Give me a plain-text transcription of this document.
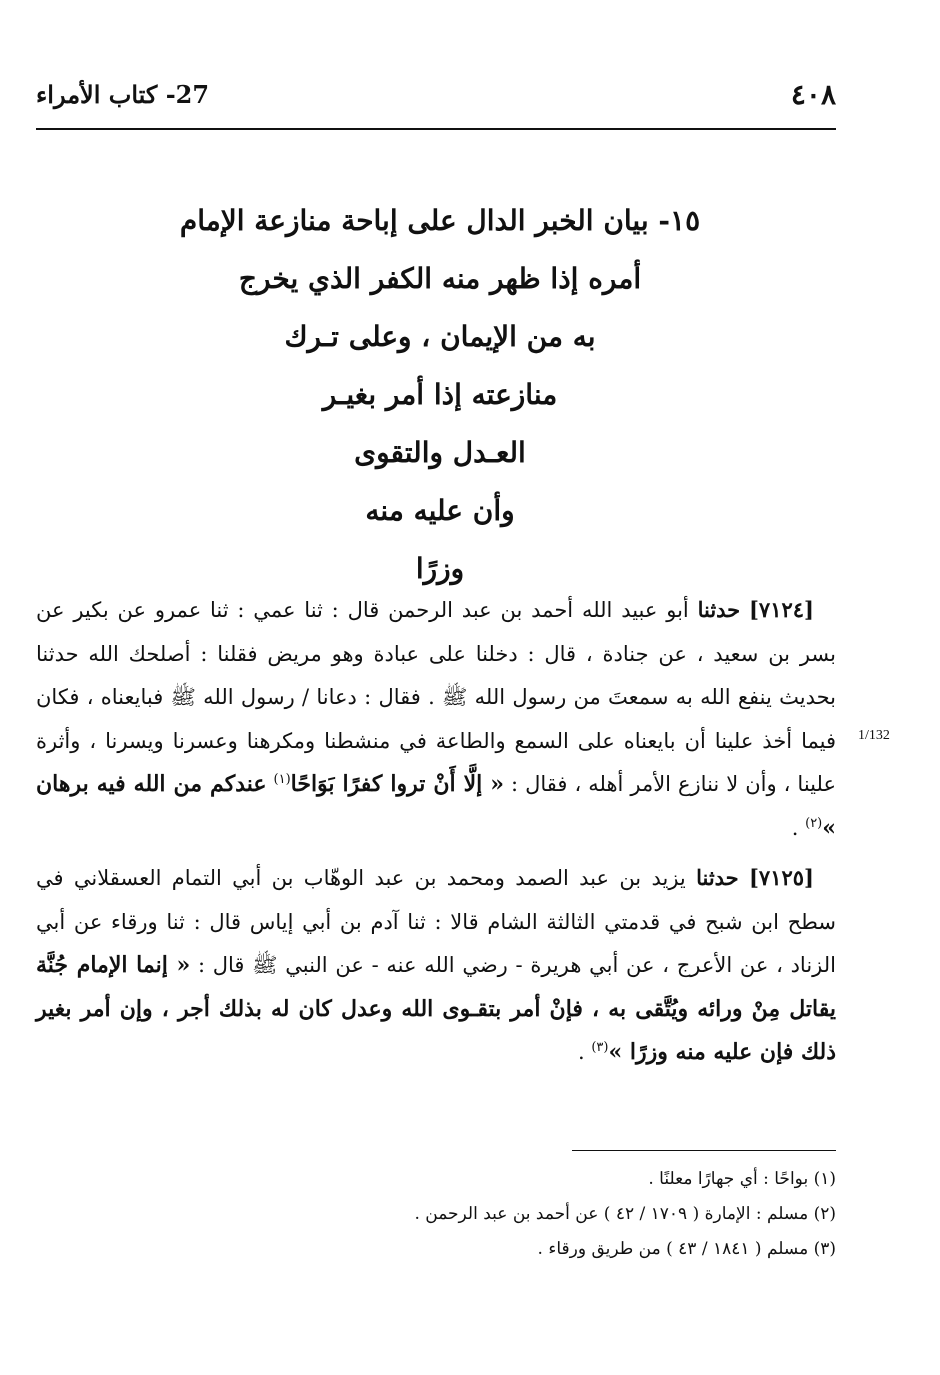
٤٠٨
27- كتاب الأمراء
١٥- بيان الخبر الدال على إباحة منازعة الإمام
أمره إذا ظهر منه الكفر الذي يخرج
به من الإيمان ، وعلى تـرك
منازعته إذا أمر بغيـر
العـدل والتقوى
وأن عليه منه
وزرًا
1/132

[٧١٢٤] حدثنا أبو عبيد الله أحمد بن عبد الرحمن قال : ثنا عمي : ثنا عمرو عن بكير عن بسر بن سعيد ، عن جنادة ، قال : دخلنا على عبادة وهو مريض فقلنا : أصلحك الله حدثنا بحديث ينفع الله به سمعتَ من رسول الله ﷺ . فقال : دعانا / رسول الله ﷺ فبايعناه ، فكان فيما أخذ علينا أن بايعناه على السمع والطاعة في منشطنا ومكرهنا وعسرنا ويسرنا ، وأثرة علينا ، وأن لا ننازع الأمر أهله ، فقال : « إلَّا أَنْ تروا كفرًا بَوَاحًا$^{(١)}$ عندكم من الله فيه برهان »$^{(٢)}$ .

[٧١٢٥] حدثنا يزيد بن عبد الصمد ومحمد بن عبد الوهّاب بن أبي التمام العسقلاني في سطح ابن شبح في قدمتي الثالثة الشام قالا : ثنا آدم بن أبي إياس قال : ثنا ورقاء عن أبي الزناد ، عن الأعرج ، عن أبي هريرة - رضي الله عنه - عن النبي ﷺ قال : « إنما الإمام جُنَّة يقاتل مِنْ ورائه ويُتَّقى به ، فإنْ أمر بتقـوى الله وعدل كان له بذلك أجر ، وإن أمر بغير ذلك فإن عليه منه وزرًا »$^{(٣)}$ .

(١) بواحًا : أي جهارًا معلنًا .
(٢) مسلم : الإمارة ( ١٧٠٩ / ٤٢ ) عن أحمد بن عبد الرحمن .
(٣) مسلم ( ١٨٤١ / ٤٣ ) من طريق ورقاء .
